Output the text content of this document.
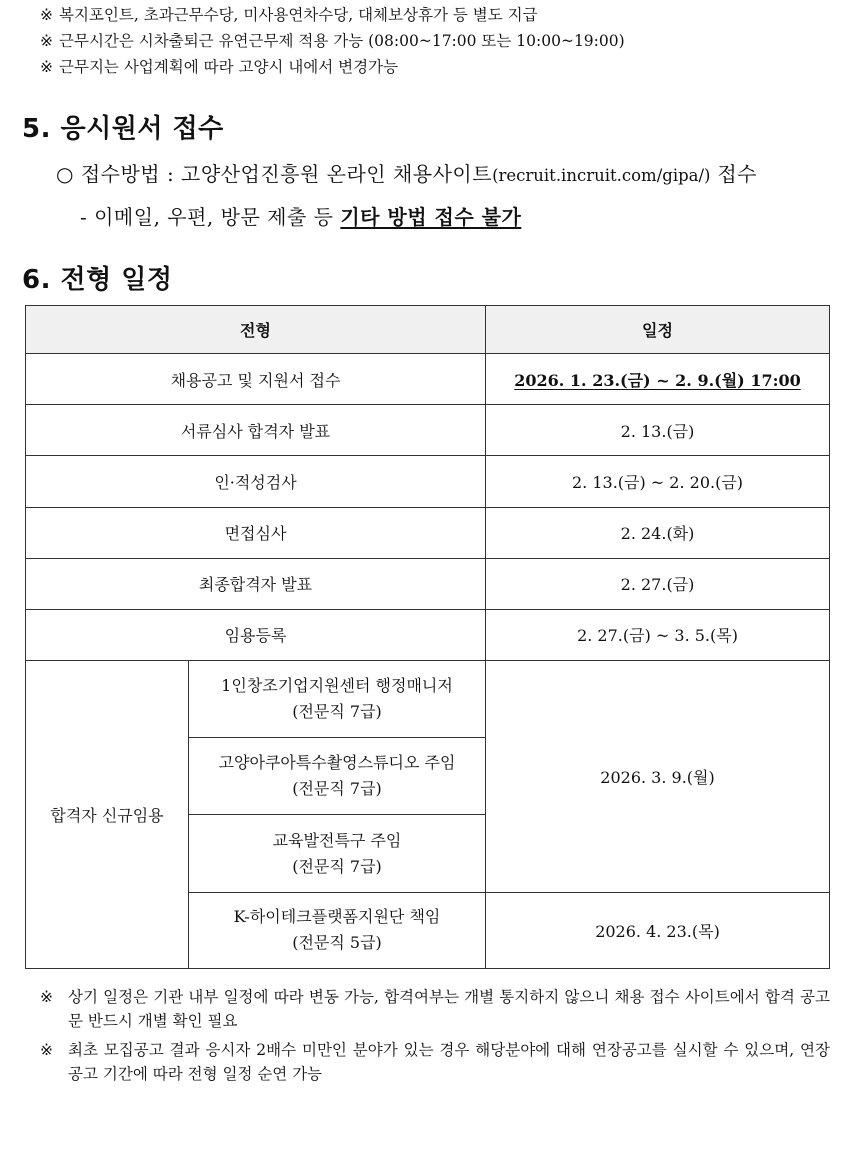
※ 복지포인트, 초과근무수당, 미사용연차수당, 대체보상휴가 등 별도 지급
※ 근무시간은 시차출퇴근 유연근무제 적용 가능 (08:00~17:00 또는 10:00~19:00)
※ 근무지는 사업계획에 따라 고양시 내에서 변경가능
5. 응시원서 접수
○ 접수방법 : 고양산업진흥원 온라인 채용사이트(recruit.incruit.com/gipa/) 접수
- 이메일, 우편, 방문 제출 등 기타 방법 접수 불가
6. 전형 일정
전형		일정
채용공고 및 지원서 접수		2026. 1. 23.(금) ~ 2. 9.(월) 17:00
서류심사 합격자 발표		2. 13.(금)
인·적성검사		2. 13.(금) ~ 2. 20.(금)
면접심사		2. 24.(화)
최종합격자 발표		2. 27.(금)
임용등록		2. 27.(금) ~ 3. 5.(목)
합격자 신규임용	1인창조기업지원센터 행정매니저
(전문직 7급)	2026. 3. 9.(월)

	고양아쿠아특수촬영스튜디오 주임
(전문직 7급)	

	교육발전특구 주임
(전문직 7급)	

	K-하이테크플랫폼지원단 책임
(전문직 5급)	2026. 4. 23.(목)
※ 상기 일정은 기관 내부 일정에 따라 변동 가능, 합격여부는 개별 통지하지 않으니 채용 접수 사이트에서 합격 공고문 반드시 개별 확인 필요
※ 최초 모집공고 결과 응시자 2배수 미만인 분야가 있는 경우 해당분야에 대해 연장공고를 실시할 수 있으며, 연장공고 기간에 따라 전형 일정 순연 가능
